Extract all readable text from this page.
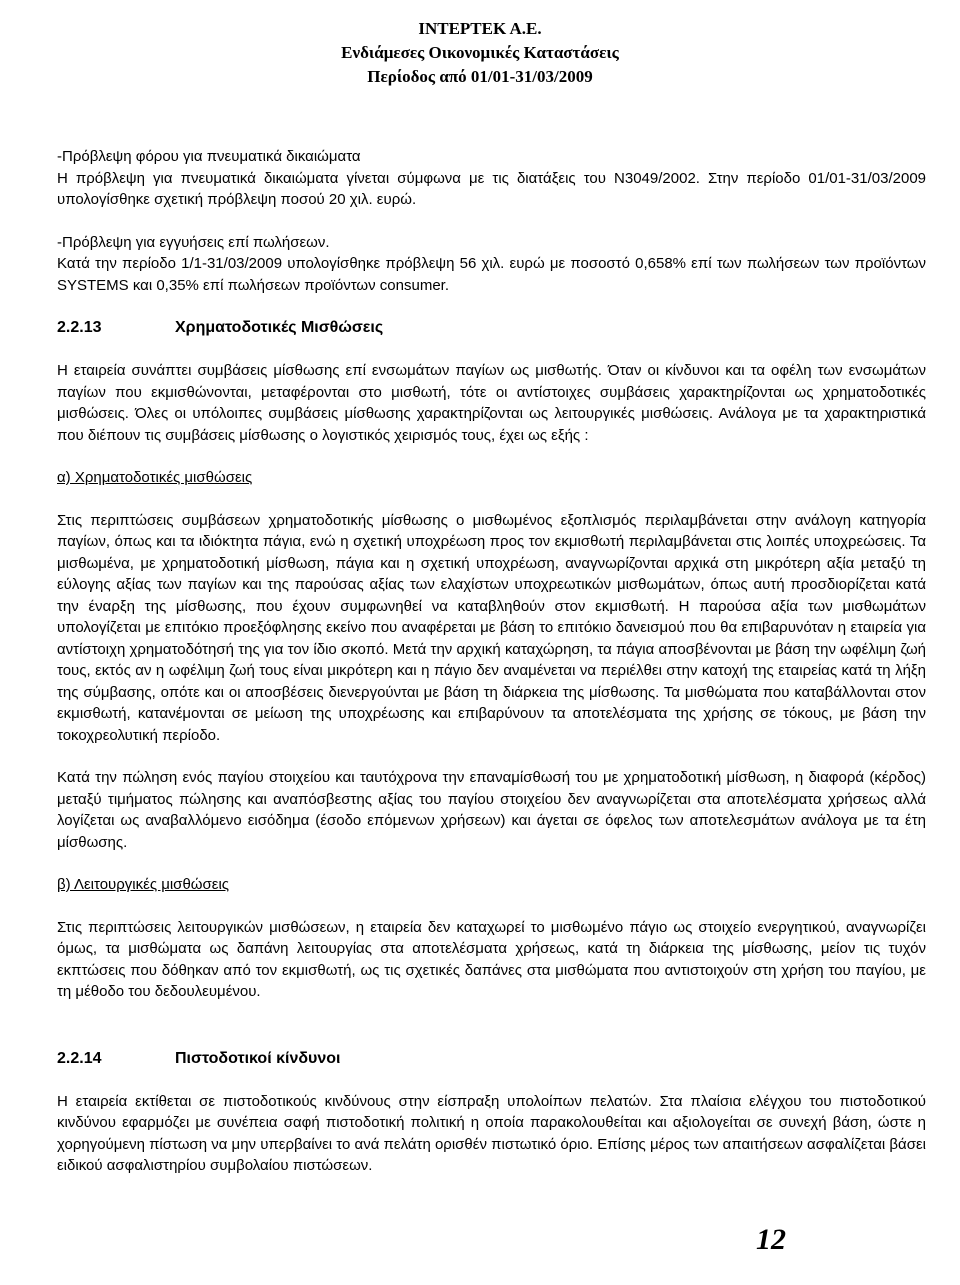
ΙΝΤΕΡΤΕΚ Α.Ε.
Ενδιάμεσες Οικονομικές Καταστάσεις
Περίοδος από 01/01-31/03/2009

-Πρόβλεψη φόρου για πνευματικά δικαιώματα

Η πρόβλεψη για πνευματικά δικαιώματα γίνεται σύμφωνα με τις διατάξεις του Ν3049/2002. Στην περίοδο 01/01-31/03/2009 υπολογίσθηκε σχετική πρόβλεψη ποσού 20 χιλ. ευρώ.

-Πρόβλεψη για εγγυήσεις επί πωλήσεων.

Κατά την περίοδο 1/1-31/03/2009 υπολογίσθηκε πρόβλεψη 56 χιλ. ευρώ με ποσοστό 0,658% επί των πωλήσεων των προϊόντων SYSTEMS και 0,35% επί πωλήσεων προϊόντων consumer.

2.2.13	Χρηματοδοτικές Μισθώσεις

Η εταιρεία συνάπτει συμβάσεις μίσθωσης επί ενσωμάτων παγίων ως μισθωτής. Όταν οι κίνδυνοι και τα οφέλη των ενσωμάτων παγίων που εκμισθώνονται, μεταφέρονται στο μισθωτή, τότε οι αντίστοιχες συμβάσεις χαρακτηρίζονται ως χρηματοδοτικές μισθώσεις. Όλες οι υπόλοιπες συμβάσεις μίσθωσης χαρακτηρίζονται ως λειτουργικές μισθώσεις. Ανάλογα με τα χαρακτηριστικά που διέπουν τις συμβάσεις μίσθωσης ο λογιστικός χειρισμός τους, έχει ως εξής :

α) Χρηματοδοτικές μισθώσεις

Στις περιπτώσεις συμβάσεων χρηματοδοτικής μίσθωσης ο μισθωμένος εξοπλισμός περιλαμβάνεται στην ανάλογη κατηγορία παγίων, όπως και τα ιδιόκτητα πάγια, ενώ η σχετική υποχρέωση προς τον εκμισθωτή περιλαμβάνεται στις λοιπές υποχρεώσεις. Τα μισθωμένα, με χρηματοδοτική μίσθωση, πάγια και η σχετική υποχρέωση, αναγνωρίζονται αρχικά στη μικρότερη αξία μεταξύ τη εύλογης αξίας των παγίων και της παρούσας αξίας των ελαχίστων υποχρεωτικών μισθωμάτων, όπως αυτή προσδιορίζεται κατά την έναρξη της μίσθωσης, που έχουν συμφωνηθεί να καταβληθούν στον εκμισθωτή. Η παρούσα αξία των μισθωμάτων υπολογίζεται με επιτόκιο προεξόφλησης εκείνο που αναφέρεται με βάση το επιτόκιο δανεισμού που θα επιβαρυνόταν η εταιρεία για αντίστοιχη χρηματοδότησή της για τον ίδιο σκοπό. Μετά την αρχική καταχώρηση, τα πάγια αποσβένονται με βάση την ωφέλιμη ζωή τους, εκτός αν η ωφέλιμη ζωή τους είναι μικρότερη και η πάγιο δεν αναμένεται να περιέλθει στην κατοχή της εταιρείας κατά τη λήξη της σύμβασης, οπότε και οι αποσβέσεις διενεργούνται με βάση τη διάρκεια της μίσθωσης. Τα μισθώματα που καταβάλλονται στον εκμισθωτή, κατανέμονται σε μείωση της υποχρέωσης και επιβαρύνουν τα αποτελέσματα της χρήσης σε τόκους, με βάση την τοκοχρεολυτική περίοδο.

Κατά την πώληση ενός παγίου στοιχείου και ταυτόχρονα την επαναμίσθωσή του με χρηματοδοτική μίσθωση, η διαφορά (κέρδος) μεταξύ τιμήματος πώλησης και αναπόσβεστης αξίας του παγίου στοιχείου δεν αναγνωρίζεται στα αποτελέσματα χρήσεως αλλά λογίζεται ως αναβαλλόμενο εισόδημα (έσοδο επόμενων χρήσεων) και άγεται σε όφελος των αποτελεσμάτων ανάλογα με τα έτη μίσθωσης.

β) Λειτουργικές μισθώσεις

Στις περιπτώσεις λειτουργικών μισθώσεων, η εταιρεία δεν καταχωρεί το μισθωμένο πάγιο ως στοιχείο ενεργητικού, αναγνωρίζει όμως, τα μισθώματα ως δαπάνη λειτουργίας στα αποτελέσματα χρήσεως, κατά τη διάρκεια της μίσθωσης, μείον τις τυχόν εκπτώσεις που δόθηκαν από τον εκμισθωτή, ως τις σχετικές δαπάνες στα μισθώματα που αντιστοιχούν στη χρήση του παγίου, με τη μέθοδο του δεδουλευμένου.

2.2.14	Πιστοδοτικοί κίνδυνοι

Η εταιρεία εκτίθεται σε πιστοδοτικούς κινδύνους στην είσπραξη υπολοίπων πελατών. Στα πλαίσια ελέγχου του πιστοδοτικού κινδύνου εφαρμόζει με συνέπεια σαφή πιστοδοτική πολιτική η οποία παρακολουθείται και αξιολογείται σε συνεχή βάση, ώστε η χορηγούμενη πίστωση να μην υπερβαίνει το ανά πελάτη ορισθέν πιστωτικό όριο. Επίσης μέρος των απαιτήσεων ασφαλίζεται βάσει ειδικού ασφαλιστηρίου συμβολαίου πιστώσεων.

12
